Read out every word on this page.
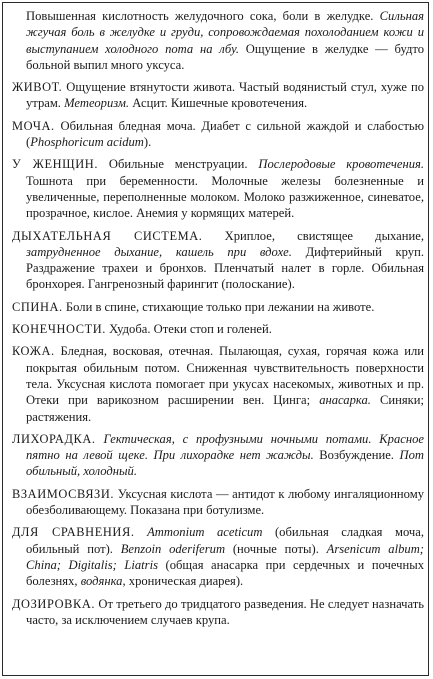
Повышенная кислотность желудочного сока, боли в желудке. Сильная жгучая боль в желудке и груди, сопровождаемая похолоданием кожи и выступанием холодного пота на лбу. Ощущение в желудке — будто больной выпил много уксуса.

ЖИВОТ. Ощущение втянутости живота. Частый водянистый стул, хуже по утрам. Метеоризм. Асцит. Кишечные кровотечения.

МОЧА. Обильная бледная моча. Диабет с сильной жаждой и слабостью (Phosphoricum acidum).

У ЖЕНЩИН. Обильные менструации. Послеродовые кровотечения. Тошнота при беременности. Молочные железы болезненные и увеличенные, переполненные молоком. Молоко разжиженное, синеватое, прозрачное, кислое. Анемия у кормящих матерей.

ДЫХАТЕЛЬНАЯ СИСТЕМА. Хриплое, свистящее дыхание, затрудненное дыхание, кашель при вдохе. Дифтерийный круп. Раздражение трахеи и бронхов. Пленчатый налет в горле. Обильная бронхорея. Гангренозный фарингит (полоскание).

СПИНА. Боли в спине, стихающие только при лежании на животе.

КОНЕЧНОСТИ. Худоба. Отеки стоп и голеней.

КОЖА. Бледная, восковая, отечная. Пылающая, сухая, горячая кожа или покрытая обильным потом. Сниженная чувствительность поверхности тела. Уксусная кислота помогает при укусах насекомых, животных и пр. Отеки при варикозном расширении вен. Цинга; анасарка. Синяки; растяжения.

ЛИХОРАДКА. Гектическая, с профузными ночными потами. Красное пятно на левой щеке. При лихорадке нет жажды. Возбуждение. Пот обильный, холодный.

ВЗАИМОСВЯЗИ. Уксусная кислота — антидот к любому ингаляционному обезболивающему. Показана при ботулизме.

ДЛЯ СРАВНЕНИЯ. Ammonium aceticum (обильная сладкая моча, обильный пот). Benzoin oderiferum (ночные поты). Arsenicum album; China; Digitalis; Liatris (общая анасарка при сердечных и почечных болезнях, водянка, хроническая диарея).

ДОЗИРОВКА. От третьего до тридцатого разведения. Не следует назначать часто, за исключением случаев крупа.
